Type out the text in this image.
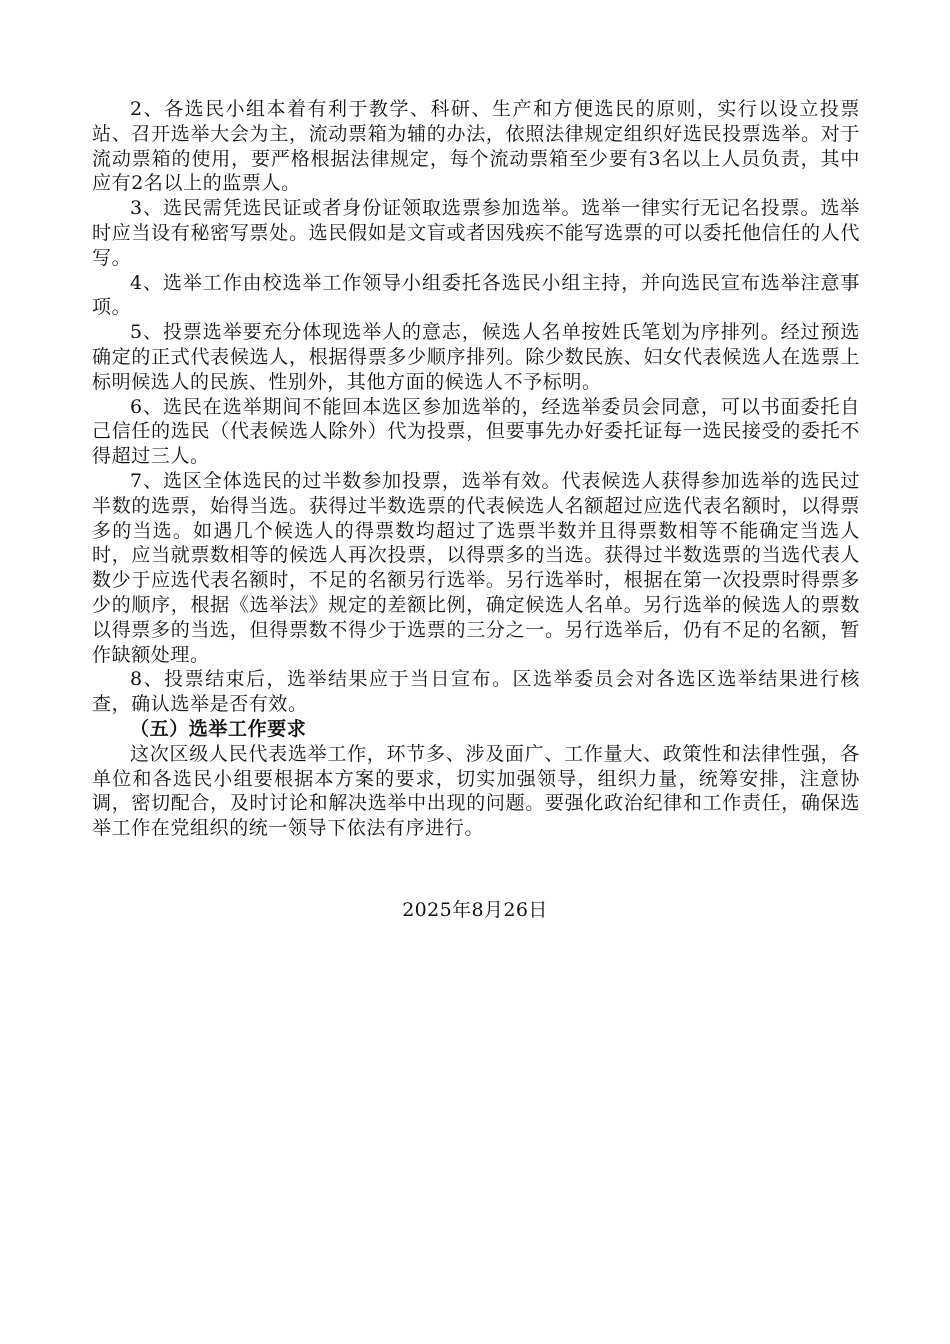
2、各选民小组本着有利于教学、科研、生产和方便选民的原则，实行以设立投票站、召开选举大会为主，流动票箱为辅的办法，依照法律规定组织好选民投票选举。对于流动票箱的使用，要严格根据法律规定，每个流动票箱至少要有3名以上人员负责，其中应有2名以上的监票人。

3、选民需凭选民证或者身份证领取选票参加选举。选举一律实行无记名投票。选举时应当设有秘密写票处。选民假如是文盲或者因残疾不能写选票的可以委托他信任的人代写。

4、选举工作由校选举工作领导小组委托各选民小组主持，并向选民宣布选举注意事项。

5、投票选举要充分体现选举人的意志，候选人名单按姓氏笔划为序排列。经过预选确定的正式代表候选人，根据得票多少顺序排列。除少数民族、妇女代表候选人在选票上标明候选人的民族、性别外，其他方面的候选人不予标明。

6、选民在选举期间不能回本选区参加选举的，经选举委员会同意，可以书面委托自己信任的选民（代表候选人除外）代为投票，但要事先办好委托证每一选民接受的委托不得超过三人。

7、选区全体选民的过半数参加投票，选举有效。代表候选人获得参加选举的选民过半数的选票，始得当选。获得过半数选票的代表候选人名额超过应选代表名额时，以得票多的当选。如遇几个候选人的得票数均超过了选票半数并且得票数相等不能确定当选人时，应当就票数相等的候选人再次投票，以得票多的当选。获得过半数选票的当选代表人数少于应选代表名额时，不足的名额另行选举。另行选举时，根据在第一次投票时得票多少的顺序，根据《选举法》规定的差额比例，确定候选人名单。另行选举的候选人的票数以得票多的当选，但得票数不得少于选票的三分之一。另行选举后，仍有不足的名额，暂作缺额处理。

8、投票结束后，选举结果应于当日宣布。区选举委员会对各选区选举结果进行核查，确认选举是否有效。

（五）选举工作要求

这次区级人民代表选举工作，环节多、涉及面广、工作量大、政策性和法律性强，各单位和各选民小组要根据本方案的要求，切实加强领导，组织力量，统筹安排，注意协调，密切配合，及时讨论和解决选举中出现的问题。要强化政治纪律和工作责任，确保选举工作在党组织的统一领导下依法有序进行。

2025年8月26日
